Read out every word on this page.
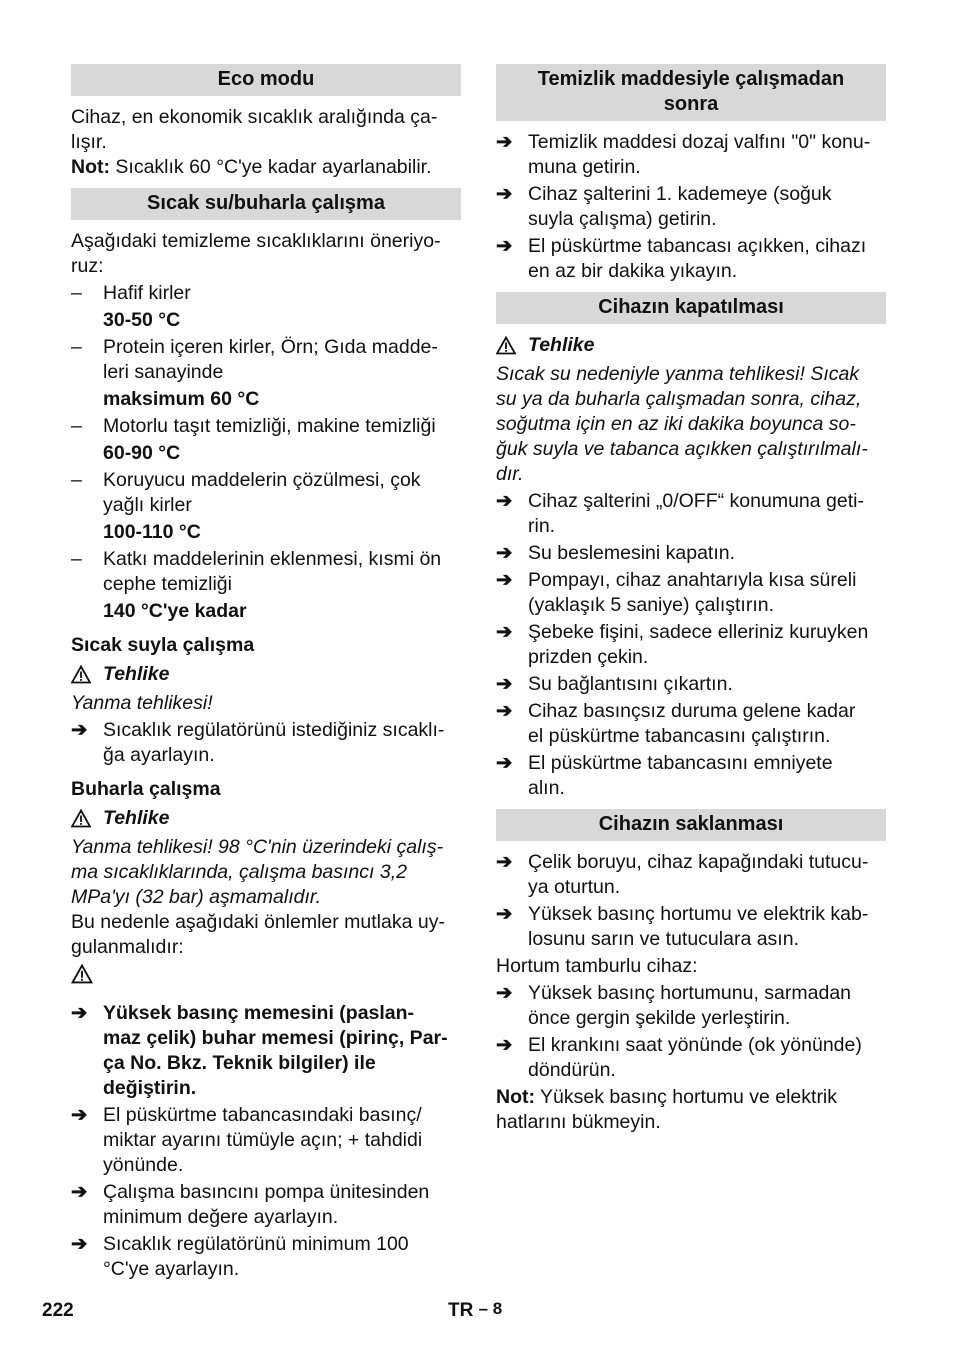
Eco modu

Cihaz, en ekonomik sıcaklık aralığında ça-

lışır.

Not: Sıcaklık 60 °C'ye kadar ayarlanabilir.

Sıcak su/buharla çalışma

Aşağıdaki temizleme sıcaklıklarını öneriyo-

ruz:

–	Hafif kirler
30-50 °C
–	Protein içeren kirler, Örn; Gıda madde-
leri sanayinde
maksimum 60 °C
–	Motorlu taşıt temizliği, makine temizliği
60-90 °C
–	Koruyucu maddelerin çözülmesi, çok
yağlı kirler
100-110 °C
–	Katkı maddelerinin eklenmesi, kısmi ön
cephe temizliği
140 °C'ye kadar

Sıcak suyla çalışma

Tehlike

Yanma tehlikesi!

➔ Sıcaklık regülatörünü istediğiniz sıcaklı-
ğa ayarlayın.

Buharla çalışma

Tehlike

Yanma tehlikesi! 98 °C'nin üzerindeki çalış-
ma sıcaklıklarında, çalışma basıncı 3,2
MPa'yı (32 bar) aşmamalıdır.

Bu nedenle aşağıdaki önlemler mutlaka uy-
gulanmalıdır:

➔ Yüksek basınç memesini (paslan-
maz çelik) buhar memesi (pirinç, Par-
ça No. Bkz. Teknik bilgiler) ile
değiştirin.
➔ El püskürtme tabancasındaki basınç/
miktar ayarını tümüyle açın; + tahdidi
yönünde.
➔ Çalışma basıncını pompa ünitesinden
minimum değere ayarlayın.
➔ Sıcaklık regülatörünü minimum 100
°C'ye ayarlayın.
Temizlik maddesiyle çalışmadan
sonra
➔ Temizlik maddesi dozaj valfını "0" konu-
muna getirin.
➔ Cihaz şalterini 1. kademeye (soğuk
suyla çalışma) getirin.
➔ El püskürtme tabancası açıkken, cihazı
en az bir dakika yıkayın.
Cihazın kapatılması
Tehlike

Sıcak su nedeniyle yanma tehlikesi! Sıcak
su ya da buharla çalışmadan sonra, cihaz,
soğutma için en az iki dakika boyunca so-
ğuk suyla ve tabanca açıkken çalıştırılmalı-
dır.

➔ Cihaz şalterini „0/OFF“ konumuna geti-
rin.
➔ Su beslemesini kapatın.
➔ Pompayı, cihaz anahtarıyla kısa süreli
(yaklaşık 5 saniye) çalıştırın.
➔ Şebeke fişini, sadece elleriniz kuruyken
prizden çekin.
➔ Su bağlantısını çıkartın.
➔ Cihaz basınçsız duruma gelene kadar
el püskürtme tabancasını çalıştırın.
➔ El püskürtme tabancasını emniyete
alın.
Cihazın saklanması
➔ Çelik boruyu, cihaz kapağındaki tutucu-
ya oturtun.
➔ Yüksek basınç hortumu ve elektrik kab-
losunu sarın ve tutuculara asın.

Hortum tamburlu cihaz:

➔ Yüksek basınç hortumunu, sarmadan
önce gergin şekilde yerleştirin.
➔ El krankını saat yönünde (ok yönünde)
döndürün.

Not: Yüksek basınç hortumu ve elektrik
hatlarını bükmeyin.

222	TR – 8
